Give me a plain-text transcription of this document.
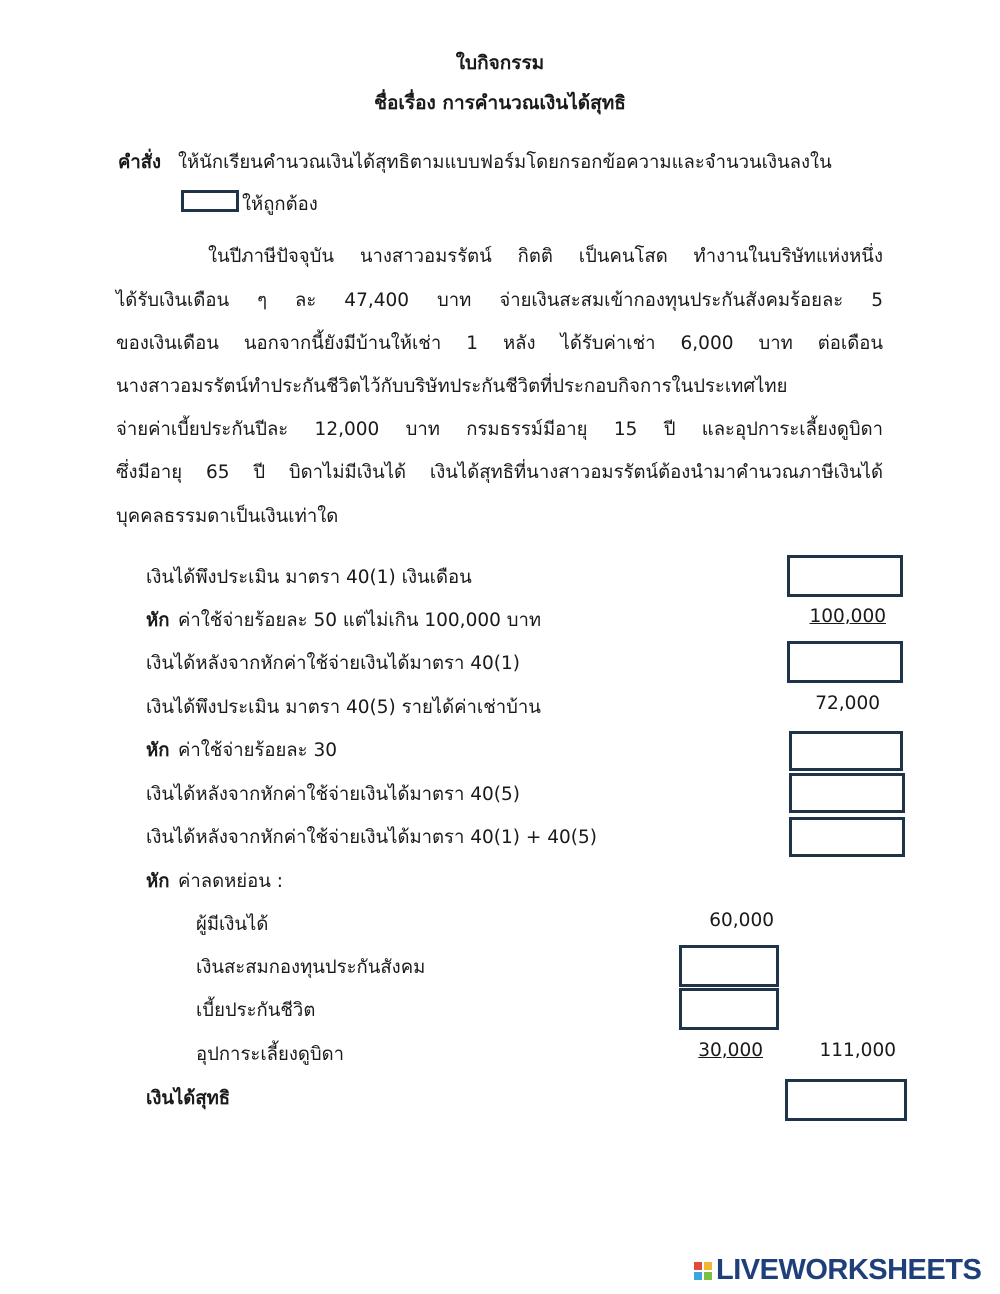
ใบกิจกรรม
ชื่อเรื่อง การคำนวณเงินได้สุทธิ
คำสั่ง ให้นักเรียนคำนวณเงินได้สุทธิตามแบบฟอร์มโดยกรอกข้อความและจำนวนเงินลงใน
ให้ถูกต้อง
ในปีภาษีปัจจุบัน นางสาวอมรรัตน์ กิตติ เป็นคนโสด ทำงานในบริษัทแห่งหนึ่ง
ได้รับเงินเดือน ๆ ละ 47,400 บาท จ่ายเงินสะสมเข้ากองทุนประกันสังคมร้อยละ 5
ของเงินเดือน นอกจากนี้ยังมีบ้านให้เช่า 1 หลัง ได้รับค่าเช่า 6,000 บาท ต่อเดือน
นางสาวอมรรัตน์ทำประกันชีวิตไว้กับบริษัทประกันชีวิตที่ประกอบกิจการในประเทศไทย
จ่ายค่าเบี้ยประกันปีละ 12,000 บาท กรมธรรม์มีอายุ 15 ปี และอุปการะเลี้ยงดูบิดา
ซึ่งมีอายุ 65 ปี บิดาไม่มีเงินได้ เงินได้สุทธิที่นางสาวอมรรัตน์ต้องนำมาคำนวณภาษีเงินได้
บุคคลธรรมดาเป็นเงินเท่าใด
เงินได้พึงประเมิน มาตรา 40(1) เงินเดือน
หัก ค่าใช้จ่ายร้อยละ 50 แต่ไม่เกิน 100,000 บาท	100,000
เงินได้หลังจากหักค่าใช้จ่ายเงินได้มาตรา 40(1)
เงินได้พึงประเมิน มาตรา 40(5) รายได้ค่าเช่าบ้าน	72,000
หัก ค่าใช้จ่ายร้อยละ 30
เงินได้หลังจากหักค่าใช้จ่ายเงินได้มาตรา 40(5)
เงินได้หลังจากหักค่าใช้จ่ายเงินได้มาตรา 40(1) + 40(5)
หัก ค่าลดหย่อน :
ผู้มีเงินได้	60,000
เงินสะสมกองทุนประกันสังคม
เบี้ยประกันชีวิต
อุปการะเลี้ยงดูบิดา	30,000	111,000
เงินได้สุทธิ
LIVEWORKSHEETS
